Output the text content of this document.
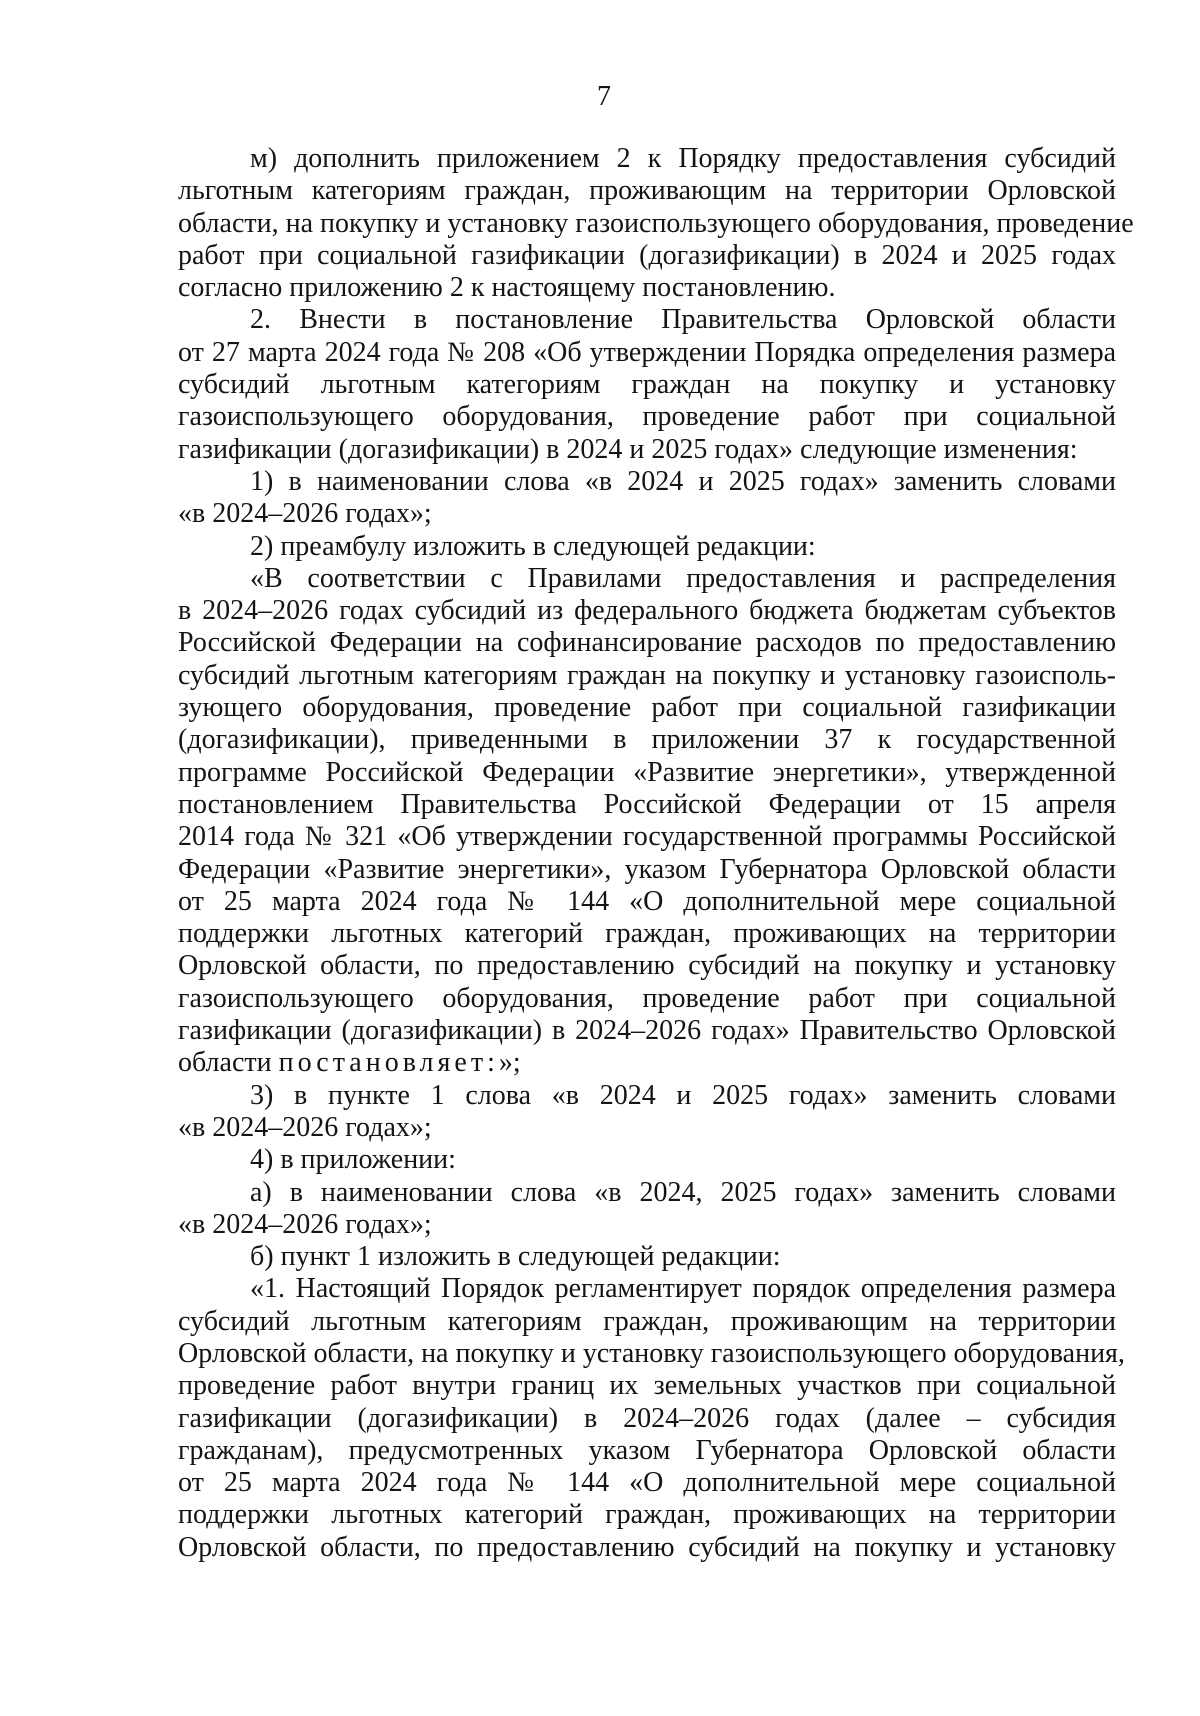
7
м) дополнить приложением 2 к Порядку предоставления субсидий
льготным категориям граждан, проживающим на территории Орловской
области, на покупку и установку газоиспользующего оборудования, проведение
работ при социальной газификации (догазификации) в 2024 и 2025 годах
согласно приложению 2 к настоящему постановлению.
2. Внести в постановление Правительства Орловской области
от 27 марта 2024 года № 208 «Об утверждении Порядка определения размера
субсидий льготным категориям граждан на покупку и установку
газоиспользующего оборудования, проведение работ при социальной
газификации (догазификации) в 2024 и 2025 годах» следующие изменения:
1) в наименовании слова «в 2024 и 2025 годах» заменить словами
«в 2024–2026 годах»;
2) преамбулу изложить в следующей редакции:
«В соответствии с Правилами предоставления и распределения
в 2024–2026 годах субсидий из федерального бюджета бюджетам субъектов
Российской Федерации на софинансирование расходов по предоставлению
субсидий льготным категориям граждан на покупку и установку газоисполь-
зующего оборудования, проведение работ при социальной газификации
(догазификации), приведенными в приложении 37 к государственной
программе Российской Федерации «Развитие энергетики», утвержденной
постановлением Правительства Российской Федерации от 15 апреля
2014 года № 321 «Об утверждении государственной программы Российской
Федерации «Развитие энергетики», указом Губернатора Орловской области
от 25 марта 2024 года № 144 «О дополнительной мере социальной
поддержки льготных категорий граждан, проживающих на территории
Орловской области, по предоставлению субсидий на покупку и установку
газоиспользующего оборудования, проведение работ при социальной
газификации (догазификации) в 2024–2026 годах» Правительство Орловской
области постановляет:»;
3) в пункте 1 слова «в 2024 и 2025 годах» заменить словами
«в 2024–2026 годах»;
4) в приложении:
а) в наименовании слова «в 2024, 2025 годах» заменить словами
«в 2024–2026 годах»;
б) пункт 1 изложить в следующей редакции:
«1. Настоящий Порядок регламентирует порядок определения размера
субсидий льготным категориям граждан, проживающим на территории
Орловской области, на покупку и установку газоиспользующего оборудования,
проведение работ внутри границ их земельных участков при социальной
газификации (догазификации) в 2024–2026 годах (далее – субсидия
гражданам), предусмотренных указом Губернатора Орловской области
от 25 марта 2024 года № 144 «О дополнительной мере социальной
поддержки льготных категорий граждан, проживающих на территории
Орловской области, по предоставлению субсидий на покупку и установку
